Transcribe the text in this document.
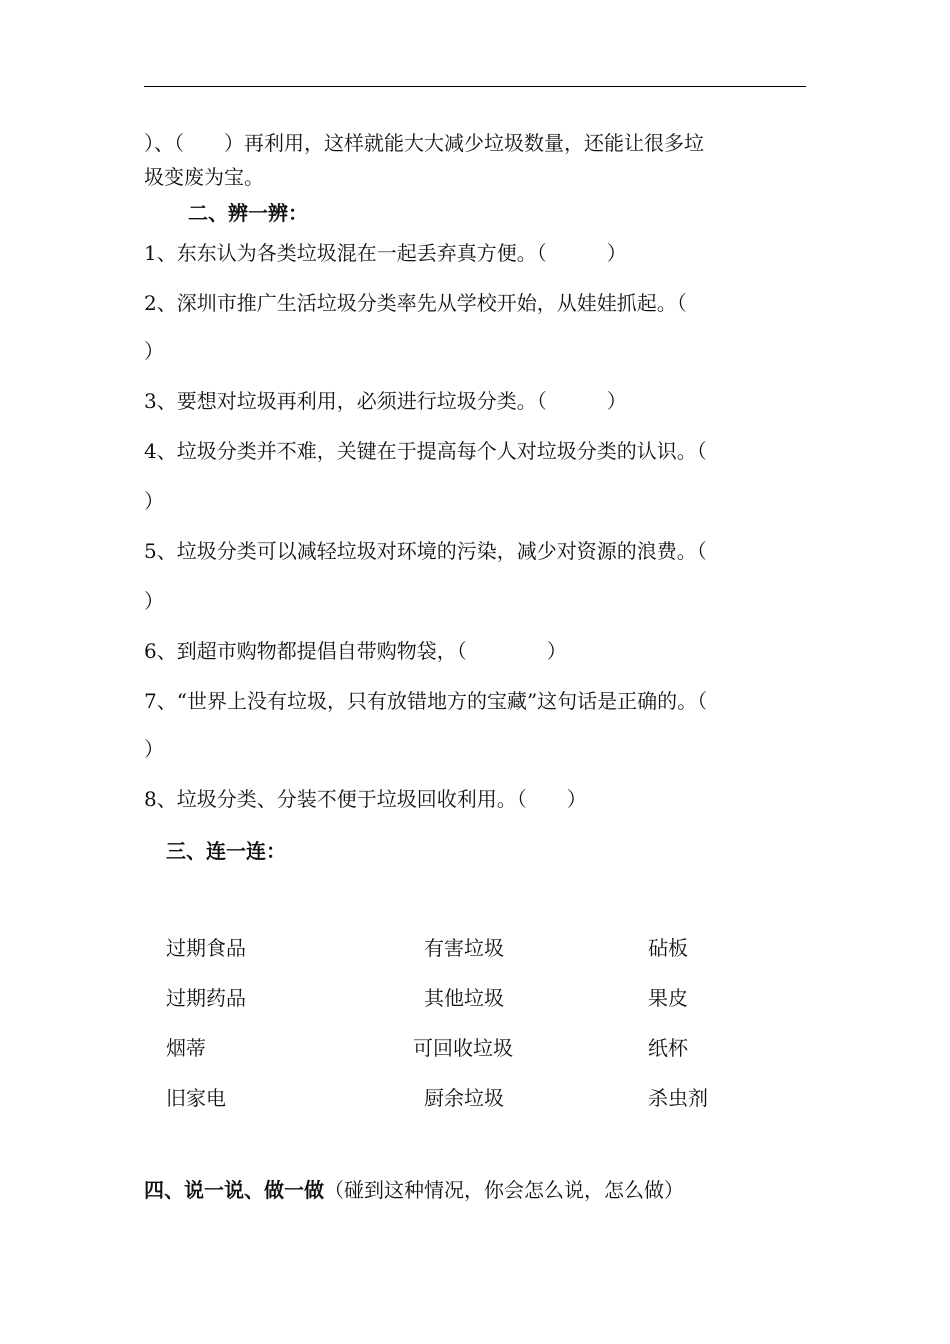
）、（　　）再利用，这样就能大大减少垃圾数量，还能让很多垃
圾变废为宝。
二、辨一辨：
1、东东认为各类垃圾混在一起丢弃真方便。（　　　）
2、深圳市推广生活垃圾分类率先从学校开始，从娃娃抓起。（
）
3、要想对垃圾再利用，必须进行垃圾分类。（　　　）
4、垃圾分类并不难，关键在于提高每个人对垃圾分类的认识。（
）
5、垃圾分类可以减轻垃圾对环境的污染，减少对资源的浪费。（
）
6、到超市购物都提倡自带购物袋，（　　　　）
7、“世界上没有垃圾，只有放错地方的宝藏”这句话是正确的。（
）
8、垃圾分类、分装不便于垃圾回收利用。（　　）
三、连一连：
过期食品
过期药品
烟蒂
旧家电
有害垃圾
其他垃圾
可回收垃圾
厨余垃圾
砧板
果皮
纸杯
杀虫剂
四、说一说、做一做（碰到这种情况，你会怎么说，怎么做）
